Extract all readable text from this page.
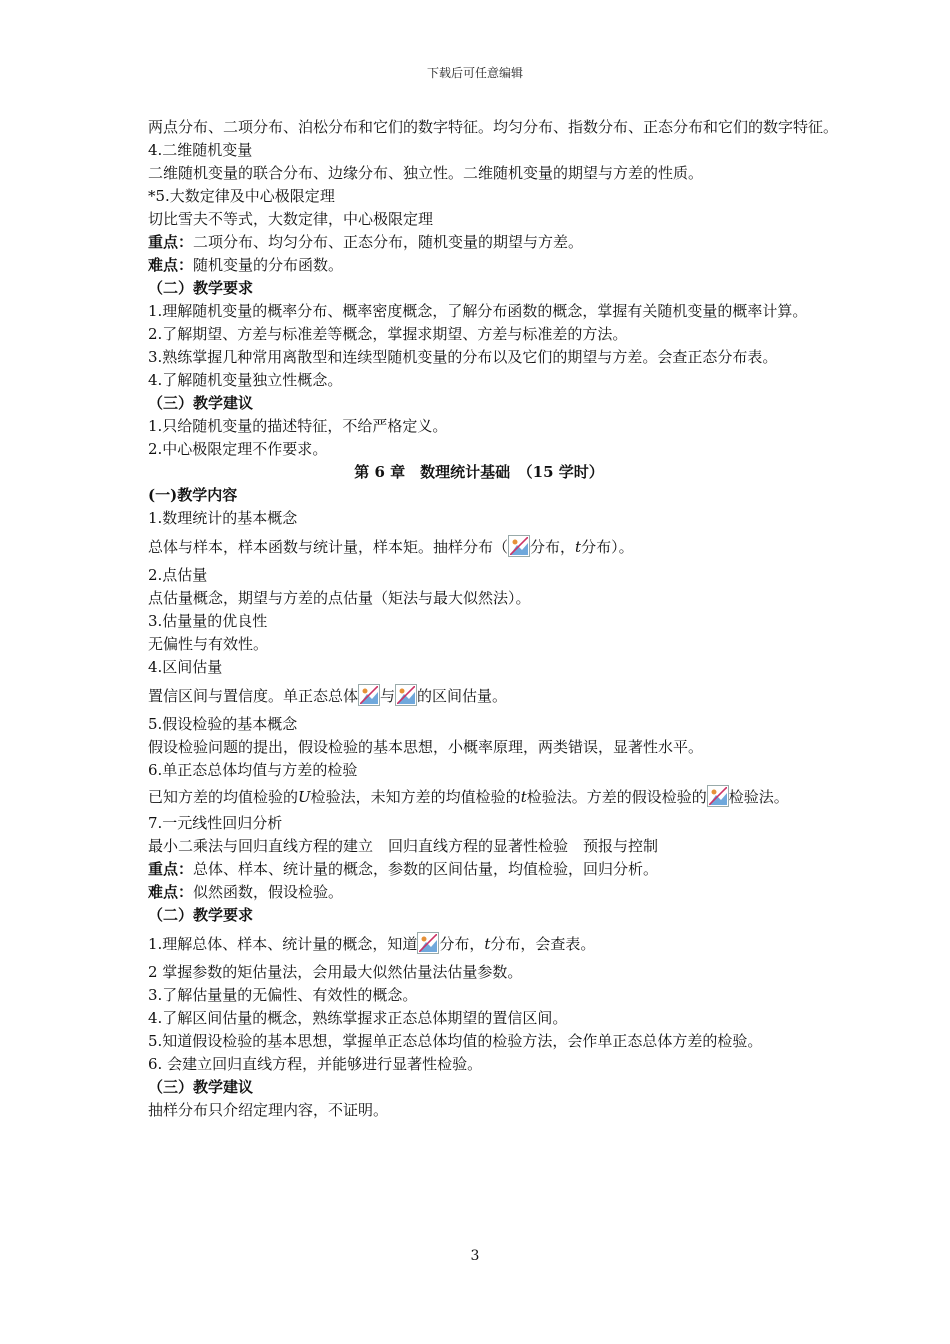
下载后可任意编辑

两点分布、二项分布、泊松分布和它们的数字特征。均匀分布、指数分布、正态分布和它们的数字特征。

4.二维随机变量

二维随机变量的联合分布、边缘分布、独立性。二维随机变量的期望与方差的性质。

*5.大数定律及中心极限定理

切比雪夫不等式，大数定律，中心极限定理

重点：二项分布、均匀分布、正态分布，随机变量的期望与方差。

难点：随机变量的分布函数。

（二）教学要求

1.理解随机变量的概率分布、概率密度概念，了解分布函数的概念，掌握有关随机变量的概率计算。

2.了解期望、方差与标准差等概念，掌握求期望、方差与标准差的方法。

3.熟练掌握几种常用离散型和连续型随机变量的分布以及它们的期望与方差。会查正态分布表。

4.了解随机变量独立性概念。

（三）教学建议

1.只给随机变量的描述特征，不给严格定义。

2.中心极限定理不作要求。

第 6 章　数理统计基础　（15 学时）

(一)教学内容

1.数理统计的基本概念

总体与样本，样本函数与统计量，样本矩。抽样分布（ 分布，t分布）。

2.点估量

点估量概念，期望与方差的点估量（矩法与最大似然法）。

3.估量量的优良性

无偏性与有效性。

4.区间估量

置信区间与置信度。单正态总体 与 的区间估量。

5.假设检验的基本概念

假设检验问题的提出，假设检验的基本思想，小概率原理，两类错误，显著性水平。

6.单正态总体均值与方差的检验

已知方差的均值检验的U检验法，未知方差的均值检验的t检验法。方差的假设检验的 检验法。

7.一元线性回归分析

最小二乘法与回归直线方程的建立　回归直线方程的显著性检验　预报与控制

重点：总体、样本、统计量的概念，参数的区间估量，均值检验，回归分析。

难点：似然函数，假设检验。

（二）教学要求

1.理解总体、样本、统计量的概念，知道 分布，t分布，会查表。

2 掌握参数的矩估量法，会用最大似然估量法估量参数。

3.了解估量量的无偏性、有效性的概念。

4.了解区间估量的概念，熟练掌握求正态总体期望的置信区间。

5.知道假设检验的基本思想，掌握单正态总体均值的检验方法，会作单正态总体方差的检验。

6. 会建立回归直线方程，并能够进行显著性检验。

（三）教学建议

抽样分布只介绍定理内容，不证明。

3
